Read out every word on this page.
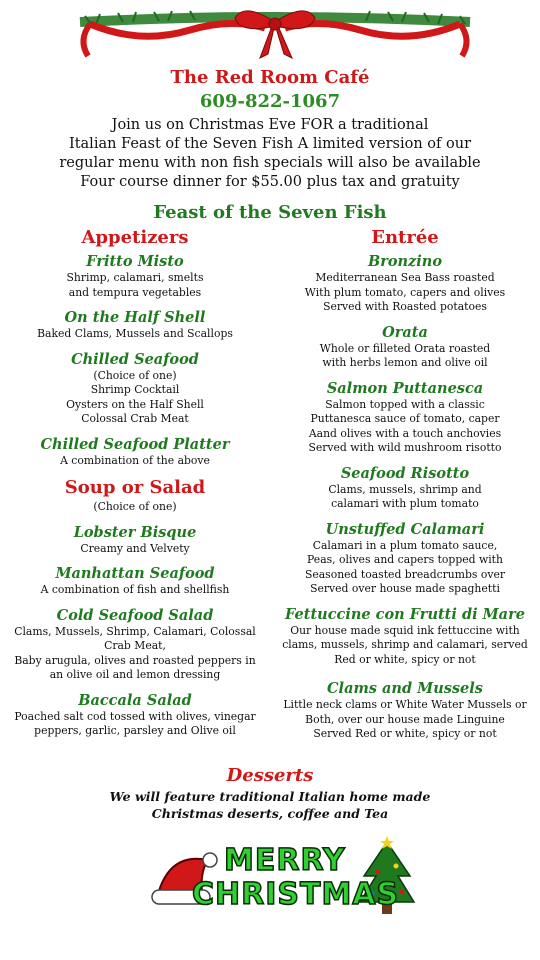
The Red Room Café
609-822-1067
Join us on Christmas Eve FOR a traditional
Italian Feast of the Seven Fish A limited version of our
regular menu with non fish specials will also be available
Four course dinner for $55.00 plus tax and gratuity
Feast of the Seven Fish
Appetizers
Fritto Misto
Shrimp, calamari, smelts
and tempura vegetables
On the Half Shell
Baked Clams, Mussels and Scallops
Chilled Seafood
(Choice of one)
Shrimp Cocktail
Oysters on the Half Shell
Colossal Crab Meat
Chilled Seafood Platter
A combination of the above
Soup or Salad
(Choice of one)
Lobster Bisque
Creamy and Velvety
Manhattan Seafood
A combination of fish and shellfish
Cold Seafood Salad
Clams, Mussels, Shrimp, Calamari, Colossal
Crab Meat,
Baby arugula, olives and roasted peppers in
an olive oil and lemon dressing
Baccala Salad
Poached salt cod tossed with olives, vinegar
peppers, garlic, parsley and Olive oil
Entrée
Bronzino
Mediterranean Sea Bass roasted
With plum tomato, capers and olives
Served with Roasted potatoes
Orata
Whole or filleted Orata roasted
with herbs lemon and olive oil
Salmon Puttanesca
Salmon topped with a classic
Puttanesca sauce of tomato, caper
Aand olives with a touch anchovies
Served with wild mushroom risotto
Seafood Risotto
Clams, mussels, shrimp and
calamari with plum tomato
Unstuffed Calamari
Calamari in a plum tomato sauce,
Peas, olives and capers topped with
Seasoned toasted breadcrumbs over
Served over house made spaghetti
Fettuccine con Frutti di Mare
Our house made squid ink fettuccine with
clams, mussels, shrimp and calamari, served
Red or white, spicy or not
Clams and Mussels
Little neck clams or White Water Mussels or
Both, over our house made Linguine
Served Red or white, spicy or not
Desserts
We will feature traditional Italian home made
Christmas deserts, coffee and Tea
MERRY
CHRISTMAS
